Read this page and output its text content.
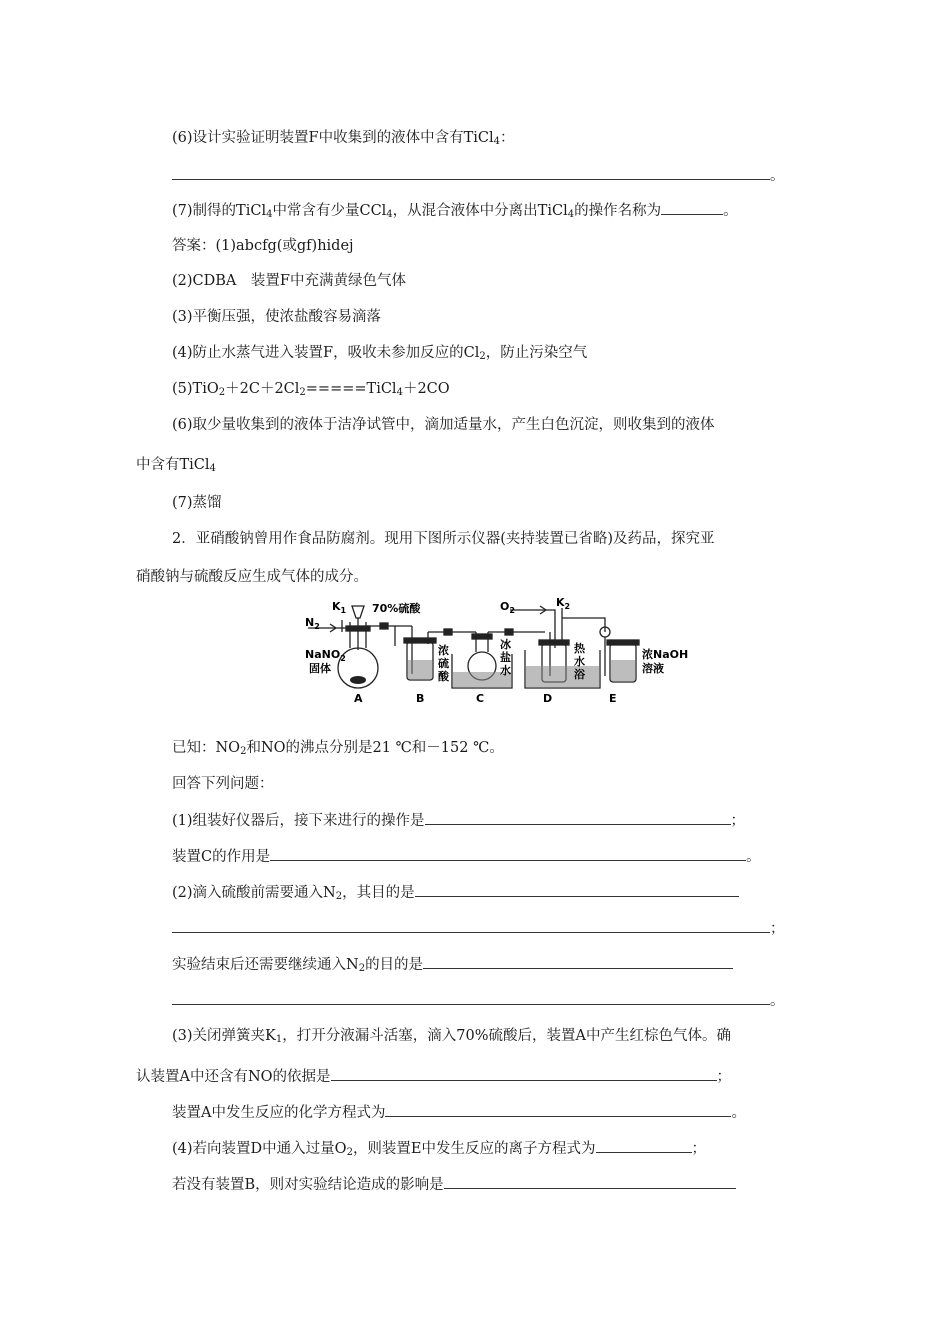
(6)设计实验证明装置F中收集到的液体中含有TiCl$_4$：
。
(7)制得的TiCl$_4$中常含有少量CCl$_4$，从混合液体中分离出TiCl$_4$的操作名称为	。
答案：(1)abcfg(或gf)hidej
(2)CDBA　装置F中充满黄绿色气体
(3)平衡压强，使浓盐酸容易滴落
(4)防止水蒸气进入装置F，吸收未参加反应的$Cl_2$，防止污染空气
$(5)TiO_2+2C+2Cl_2=====TiCl_4+2CO$
(6)取少量收集到的液体于洁净试管中，滴加适量水，产生白色沉淀，则收集到的液体
中含有TiCl$_4$
(7)蒸馏
2．亚硝酸钠曾用作食品防腐剂。现用下图所示仪器(夹持装置已省略)及药品，探究亚
硝酸钠与硫酸反应生成气体的成分。
$N_2$
$K_1$ 70%硫酸
NaNO$_2$
固体
浓
硫
酸
冰
盐
水
$O_2$
$K_2$
热
水
浴
浓NaOH
溶液
A	B	C	D	E
已知：$NO_2$和NO的沸点分别是21 ℃和－152 ℃。
回答下列问题：
(1)组装好仪器后，接下来进行的操作是	；
装置C的作用是	。
(2)滴入硫酸前需要通入$N_2$，其目的是
；
实验结束后还需要继续通入$N_2$的目的是
。
(3)关闭弹簧夹$K_1$，打开分液漏斗活塞，滴入70%硫酸后，装置A中产生红棕色气体。确
认装置A中还含有NO的依据是	；
装置A中发生反应的化学方程式为	。
(4)若向装置D中通入过量$O_2$，则装置E中发生反应的离子方程式为	；
若没有装置B，则对实验结论造成的影响是
